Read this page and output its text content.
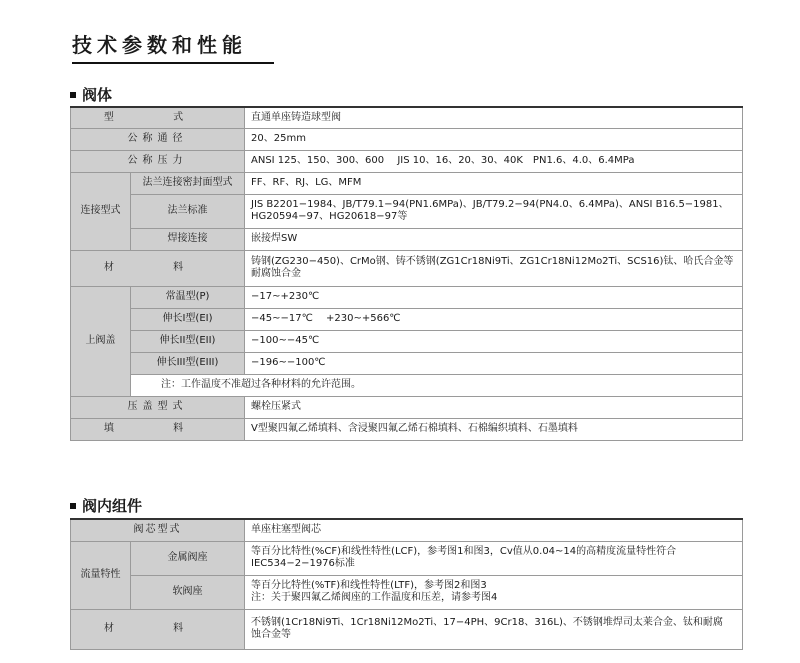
技术参数和性能
阀体
型 式		直通单座铸造球型阀
公称通径		20、25mm
公称压力		ANSI 125、150、300、600　 JIS 10、16、20、30、40K　PN1.6、4.0、6.4MPa
连接型式	法兰连接密封面型式	FF、RF、RJ、LG、MFM
	法兰标准	JIS B2201−1984、JB/T79.1−94(PN1.6MPa)、JB/T79.2−94(PN4.0、6.4MPa)、ANSI B16.5−1981、
HG20594−97、HG20618−97等

	焊接连接	嵌接焊SW
材 料		铸钢(ZG230−450)、CrMo钢、铸不锈钢(ZG1Cr18Ni9Ti、ZG1Cr18Ni12Mo2Ti、SCS16)钛、哈氏合金等
耐腐蚀合金

上阀盖	常温型(P)	−17~+230℃
	伸长I型(EI)	−45~−17℃　 +230~+566℃
	伸长II型(EII)	−100~−45℃
	伸长III型(EIII)	−196~−100℃
	注：工作温度不准超过各种材料的允许范围。	
压盖型式		螺栓压紧式
填 料		V型聚四氟乙烯填料、含浸聚四氟乙烯石棉填料、石棉编织填料、石墨填料
阀内组件
阀芯型式		单座柱塞型阀芯
流量特性	金属阀座	等百分比特性(%CF)和线性特性(LCF)，参考图1和图3，Cv值从0.04~14的高精度流量特性符合
IEC534−2−1976标准

	软阀座	等百分比特性(%TF)和线性特性(LTF)，参考图2和图3
注：关于聚四氟乙烯阀座的工作温度和压差，请参考图4

材 料		不锈钢(1Cr18Ni9Ti、1Cr18Ni12Mo2Ti、17−4PH、9Cr18、316L)、不锈钢堆焊司太莱合金、钛和耐腐
蚀合金等
